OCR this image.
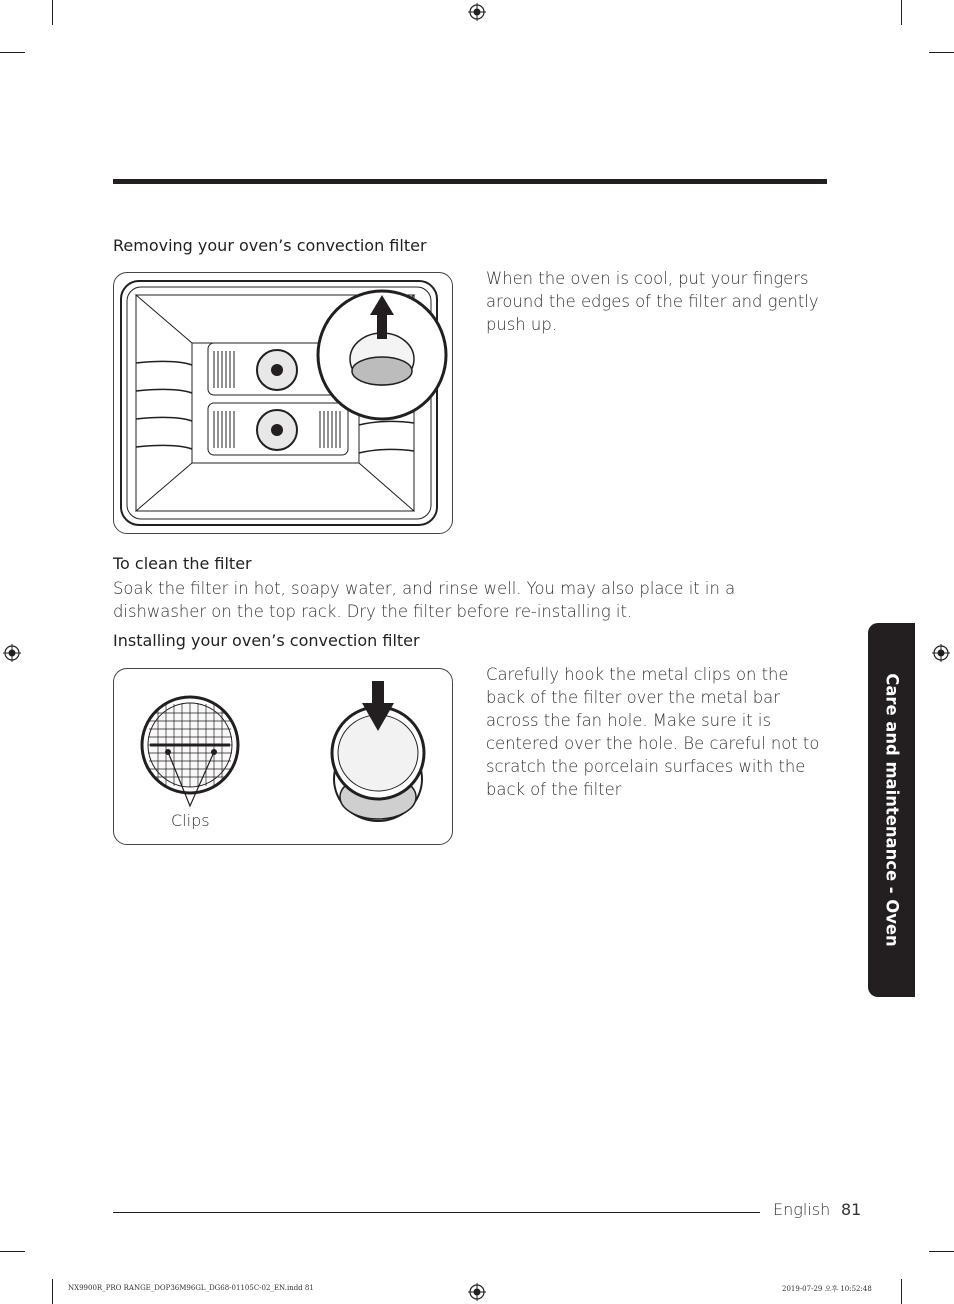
Removing your oven’s convection filter
When the oven is cool, put your fingers around the edges of the filter and gently push up.
To clean the filter
Soak the filter in hot, soapy water, and rinse well. You may also place it in a dishwasher on the top rack. Dry the filter before re-installing it.
Installing your oven’s convection filter
Clips
Carefully hook the metal clips on the back of the filter over the metal bar across the fan hole. Make sure it is centered over the hole. Be careful not to scratch the porcelain surfaces with the back of the filter	Care and maintenance - Oven
English 81
NX9900R_PRO RANGE_DOP36M96GL_DG68-01105C-02_EN.indd 81	2019-07-29 오후 10:52:48
